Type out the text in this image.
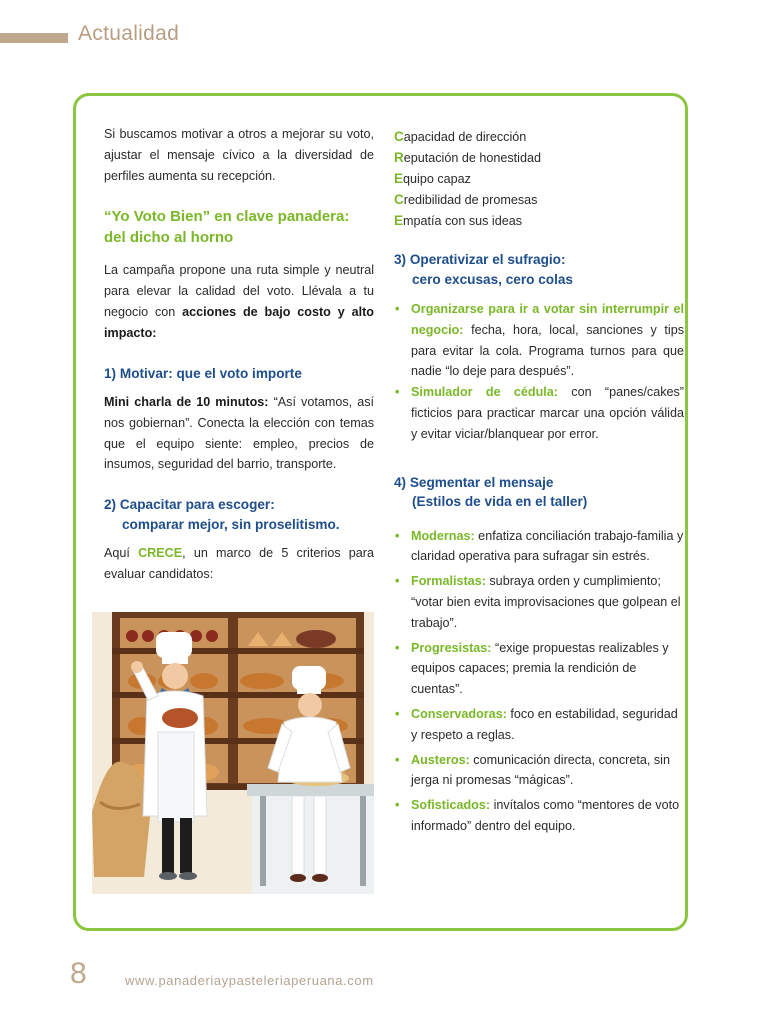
Actualidad

Si buscamos motivar a otros a mejorar su voto, ajustar el mensaje cívico a la diversidad de perfiles aumenta su recepción.

“Yo Voto Bien” en clave panadera:
del dicho al horno

La campaña propone una ruta simple y neutral para elevar la calidad del voto. Llévala a tu negocio con acciones de bajo costo y alto impacto:

1) Motivar: que el voto importe

Mini charla de 10 minutos: “Así votamos, así nos gobiernan”. Conecta la elección con temas que el equipo siente: empleo, precios de insumos, seguridad del barrio, transporte.

2) Capacitar para escoger:
comparar mejor, sin proselitismo.

Aquí CRECE, un marco de 5 criterios para evaluar candidatos:

Capacidad de dirección
Reputación de honestidad
Equipo capaz
Credibilidad de promesas
Empatía con sus ideas
3) Operativizar el sufragio:
cero excusas, cero colas
• Organizarse para ir a votar sin interrumpir el negocio: fecha, hora, local, sanciones y tips para evitar la cola. Programa turnos para que nadie “lo deje para después”.
• Simulador de cédula: con “panes/cakes” ficticios para practicar marcar una opción válida y evitar viciar/blanquear por error.
4) Segmentar el mensaje
(Estilos de vida en el taller)
• Modernas: enfatiza conciliación trabajo-familia y claridad operativa para sufragar sin estrés.
• Formalistas: subraya orden y cumplimiento; “votar bien evita improvisaciones que golpean el trabajo”.
• Progresistas: “exige propuestas realizables y equipos capaces; premia la rendición de cuentas”.
• Conservadoras: foco en estabilidad, seguridad y respeto a reglas.
• Austeros: comunicación directa, concreta, sin jerga ni promesas “mágicas”.
• Sofisticados: invítalos como “mentores de voto informado” dentro del equipo.
8	www.panaderiaypasteleriaperuana.com
